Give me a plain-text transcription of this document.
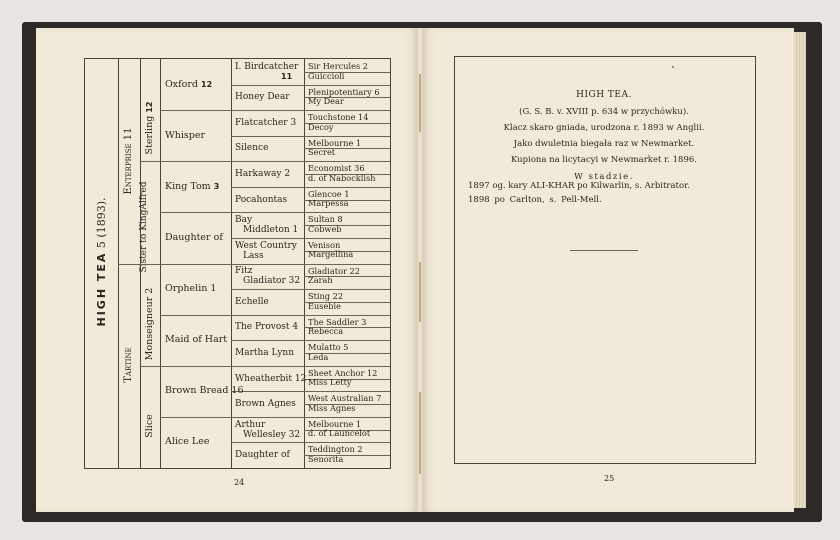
HIGH TEA 5 (1893).
Enterprise 11
Tartine
Sterling 12
Sister to KingAlfred
Monseigneur 2
Slice
Oxford 12
Whisper
King Tom 3
Daughter of
Orphelin 1
Maid of Hart
Brown Bread 16
Alice Lee
I. Birdcatcher
11
Honey Dear
Flatcatcher 3
Silence
Harkaway 2
Pocahontas
Bay
Middleton 1
West Country
Lass
Fitz
Gladiator 32
Echelle
The Provost 4
Martha Lynn
Wheatherbit 12
Brown Agnes
Arthur
Wellesley 32
Daughter of
Sir Hercules 2
Guiccioli
Plenipotentiary 6
My Dear
Touchstone 14
Decoy
Melbourne 1
Secret
Economist 36
d. of Nabocklish
Glencoe 1
Marpessa
Sultan 8
Cobweb
Venison
Margellina
Gladiator 22
Zarah
Sting 22
Eusebie
The Saddler 3
Rebecca
Mulatto 5
Leda
Sheet Anchor 12
Miss Letty
West Australian 7
Miss Agnes
Melbourne 1
d. of Launcelot
Teddington 2
Senorita
24
HIGH TEA.
(G. S. B. v. XVIII p. 634 w przychówku).
Klacz skaro gniada, urodzona r. 1893 w Anglii.
Jako dwuletnia biegała raz w Newmarket.
Kupiona na licytacyi w Newmarket r. 1896.
W stadzie.
1897 og. kary ALI-KHAR po Kilwarlin, s. Arbitrator.
1898 po Carlton, s. Pell-Mell.
25
